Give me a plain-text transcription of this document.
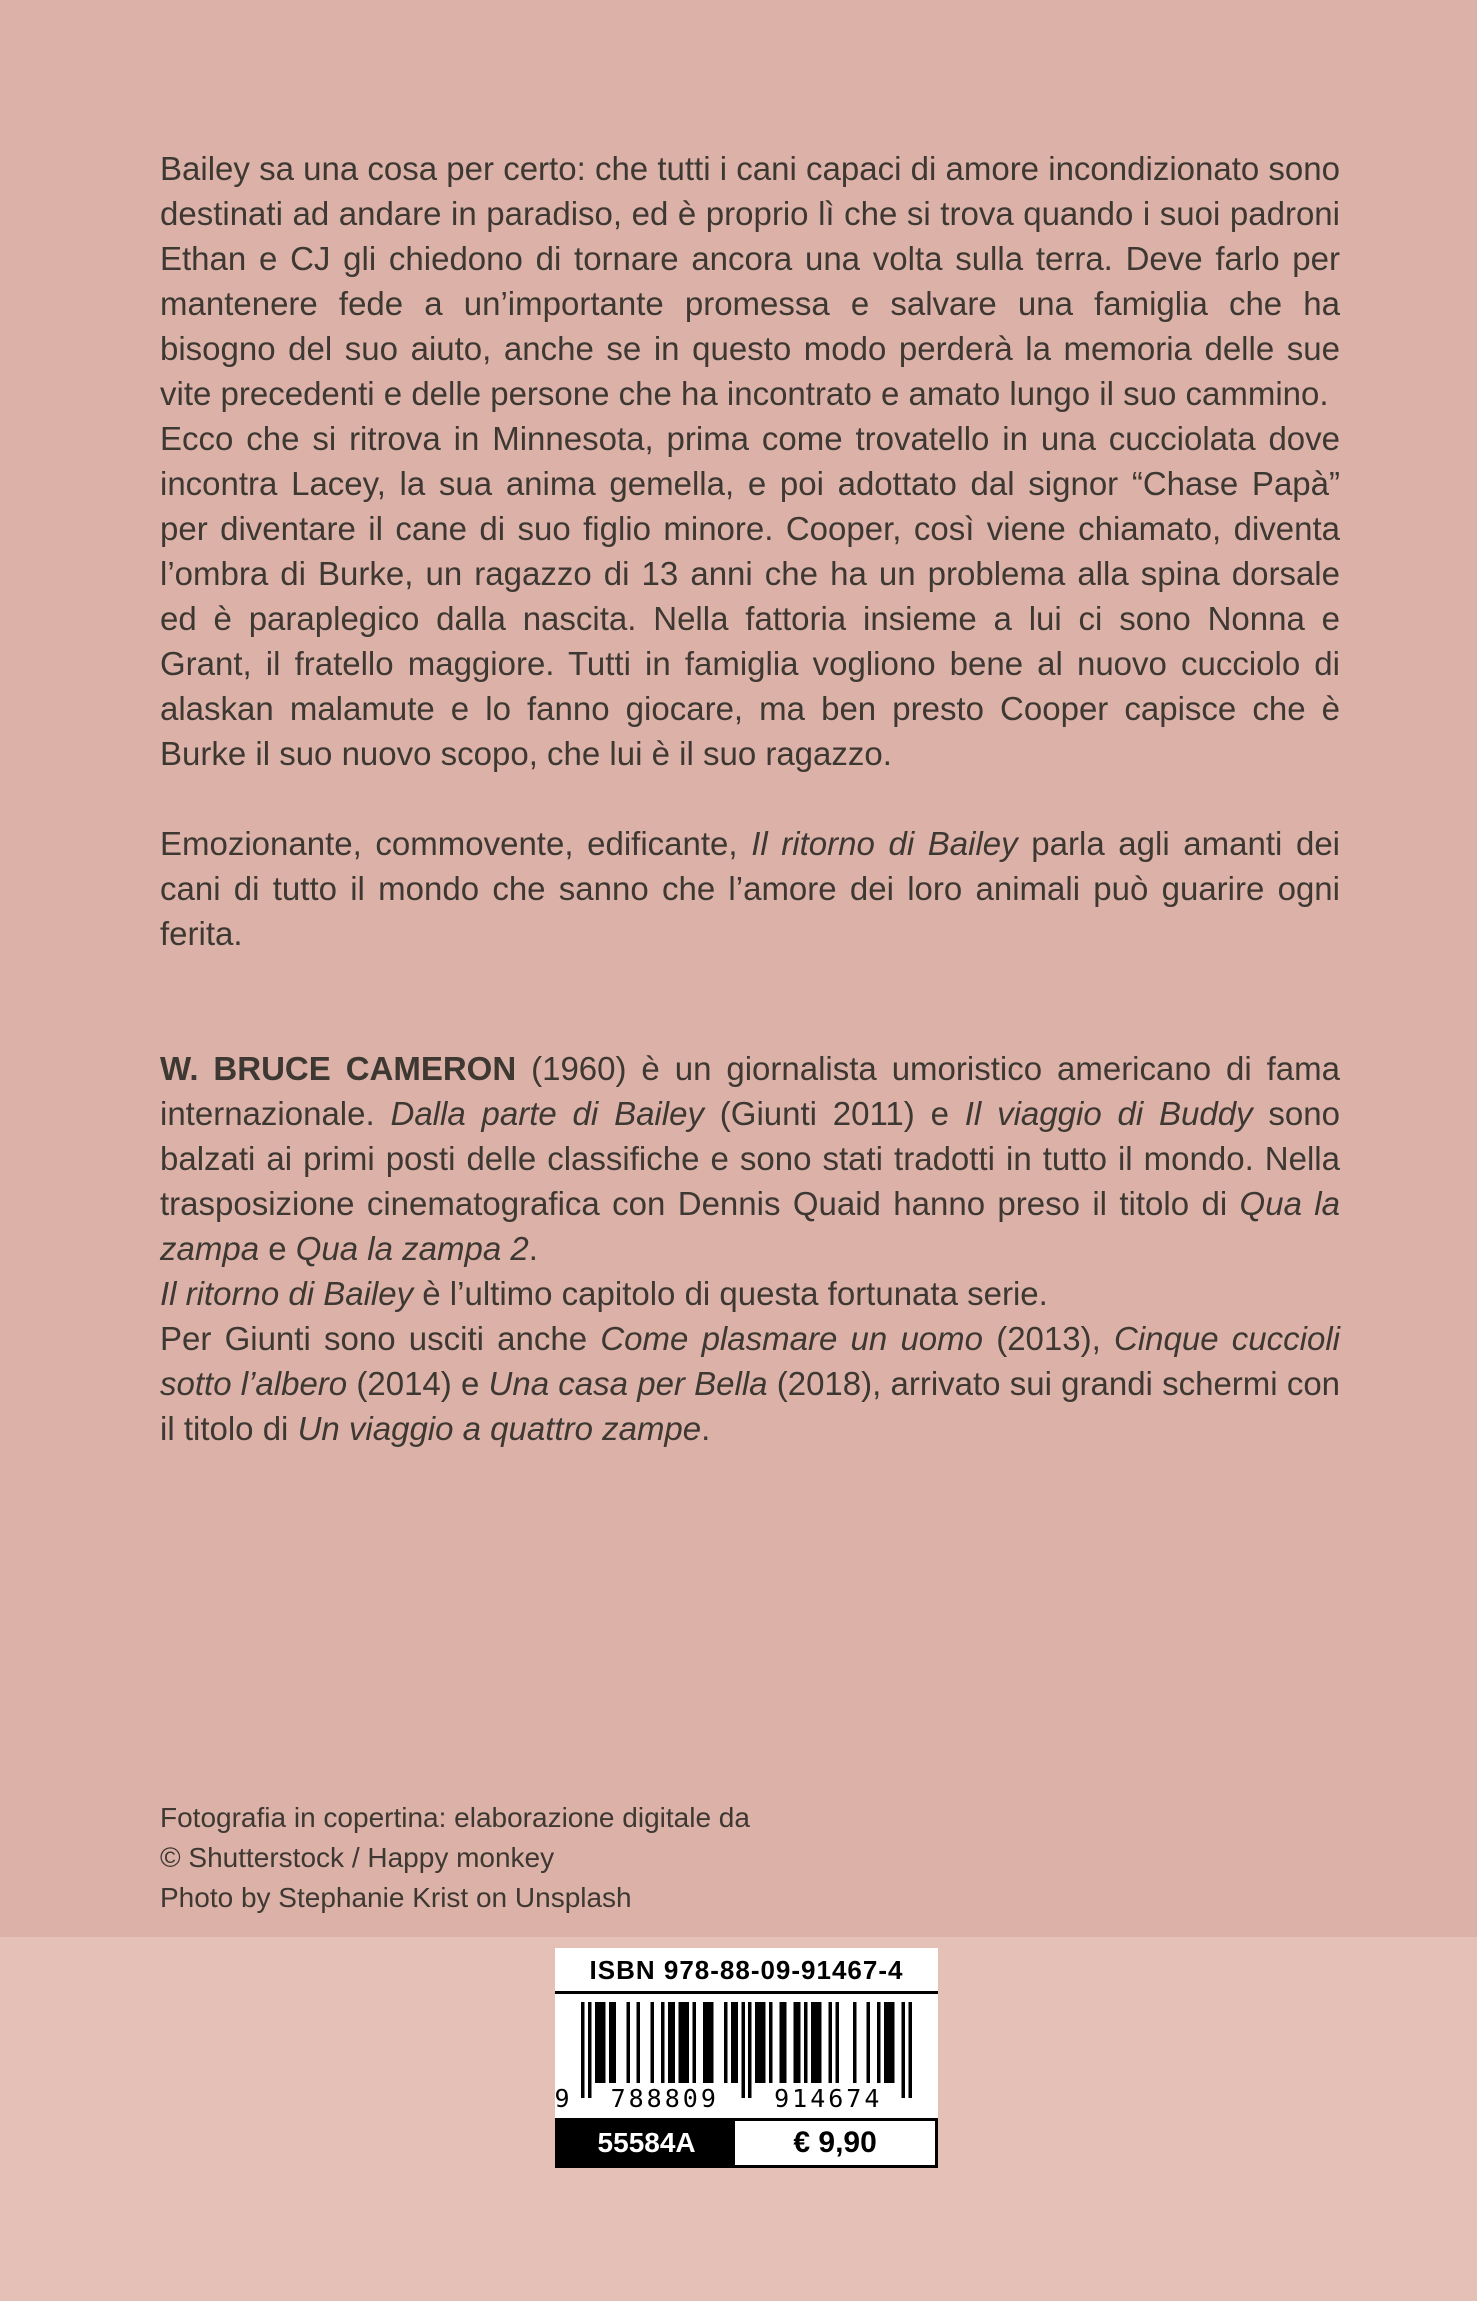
Bailey sa una cosa per certo: che tutti i cani capaci di amore incondizionato sono destinati ad andare in paradiso, ed è proprio lì che si trova quando i suoi padroni Ethan e CJ gli chiedono di tornare ancora una volta sulla terra. Deve farlo per mantenere fede a un’importante promessa e salvare una famiglia che ha bisogno del suo aiuto, anche se in questo modo perderà la memoria delle sue vite precedenti e delle persone che ha incontrato e amato lungo il suo cammino.

Ecco che si ritrova in Minnesota, prima come trovatello in una cucciolata dove incontra Lacey, la sua anima gemella, e poi adottato dal signor “Chase Papà” per diventare il cane di suo figlio minore. Cooper, così viene chiamato, diventa l’ombra di Burke, un ragazzo di 13 anni che ha un problema alla spina dorsale ed è paraplegico dalla nascita. Nella fattoria insieme a lui ci sono Nonna e Grant, il fratello maggiore. Tutti in famiglia vogliono bene al nuovo cucciolo di alaskan malamute e lo fanno giocare, ma ben presto Cooper capisce che è Burke il suo nuovo scopo, che lui è il suo ragazzo.

Emozionante, commovente, edificante, Il ritorno di Bailey parla agli amanti dei cani di tutto il mondo che sanno che l’amore dei loro animali può guarire ogni ferita.

W. BRUCE CAMERON (1960) è un giornalista umoristico americano di fama internazionale. Dalla parte di Bailey (Giunti 2011) e Il viaggio di Buddy sono balzati ai primi posti delle classifiche e sono stati tradotti in tutto il mondo. Nella trasposizione cinematografica con Dennis Quaid hanno preso il titolo di Qua la zampa e Qua la zampa 2.

Il ritorno di Bailey è l’ultimo capitolo di questa fortunata serie.

Per Giunti sono usciti anche Come plasmare un uomo (2013), Cinque cuccioli sotto l’albero (2014) e Una casa per Bella (2018), arrivato sui grandi schermi con il titolo di Un viaggio a quattro zampe.

Fotografia in copertina: elaborazione digitale da

© Shutterstock / Happy monkey

Photo by Stephanie Krist on Unsplash

ISBN 978-88-09-91467-4
9 788809 914674
55584A	€ 9,90
